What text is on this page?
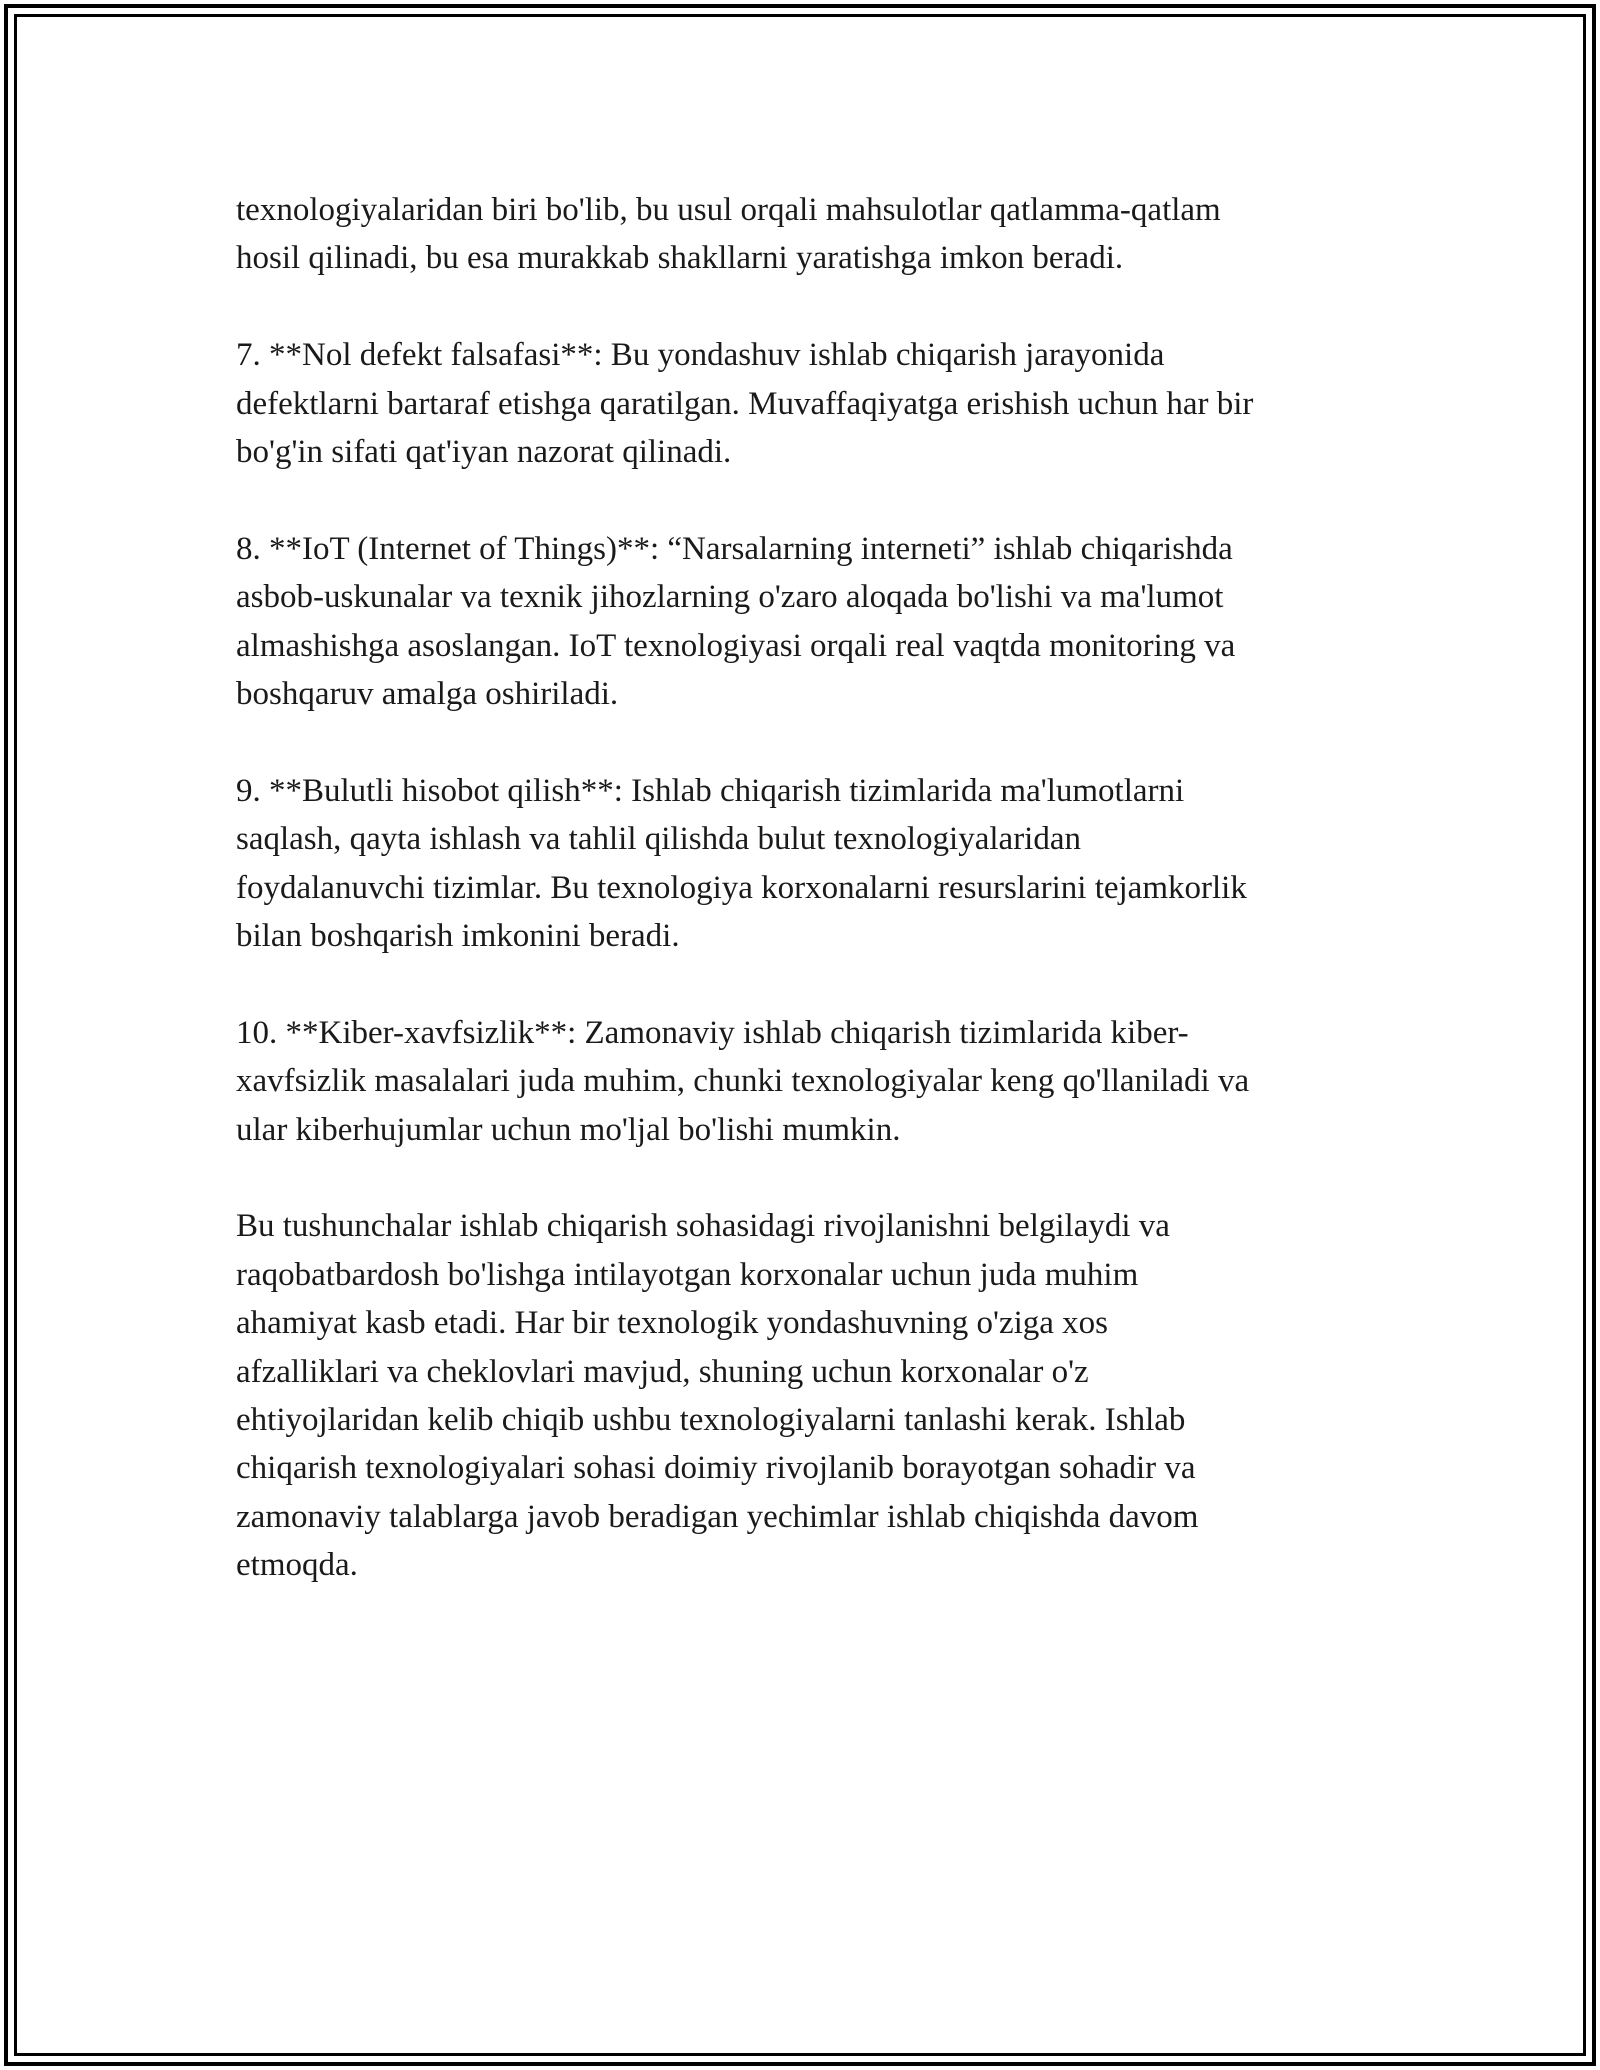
texnologiyalaridan biri bo'lib, bu usul orqali mahsulotlar qatlamma-qatlam
hosil qilinadi, bu esa murakkab shakllarni yaratishga imkon beradi.

7. **Nol defekt falsafasi**: Bu yondashuv ishlab chiqarish jarayonida
defektlarni bartaraf etishga qaratilgan. Muvaffaqiyatga erishish uchun har bir
bo'g'in sifati qat'iyan nazorat qilinadi.

8. **IoT (Internet of Things)**: “Narsalarning interneti” ishlab chiqarishda
asbob-uskunalar va texnik jihozlarning o'zaro aloqada bo'lishi va ma'lumot
almashishga asoslangan. IoT texnologiyasi orqali real vaqtda monitoring va
boshqaruv amalga oshiriladi.

9. **Bulutli hisobot qilish**: Ishlab chiqarish tizimlarida ma'lumotlarni
saqlash, qayta ishlash va tahlil qilishda bulut texnologiyalaridan
foydalanuvchi tizimlar. Bu texnologiya korxonalarni resurslarini tejamkorlik
bilan boshqarish imkonini beradi.

10. **Kiber-xavfsizlik**: Zamonaviy ishlab chiqarish tizimlarida kiber-
xavfsizlik masalalari juda muhim, chunki texnologiyalar keng qo'llaniladi va
ular kiberhujumlar uchun mo'ljal bo'lishi mumkin.

Bu tushunchalar ishlab chiqarish sohasidagi rivojlanishni belgilaydi va
raqobatbardosh bo'lishga intilayotgan korxonalar uchun juda muhim
ahamiyat kasb etadi. Har bir texnologik yondashuvning o'ziga xos
afzalliklari va cheklovlari mavjud, shuning uchun korxonalar o'z
ehtiyojlaridan kelib chiqib ushbu texnologiyalarni tanlashi kerak. Ishlab
chiqarish texnologiyalari sohasi doimiy rivojlanib borayotgan sohadir va
zamonaviy talablarga javob beradigan yechimlar ishlab chiqishda davom
etmoqda.
